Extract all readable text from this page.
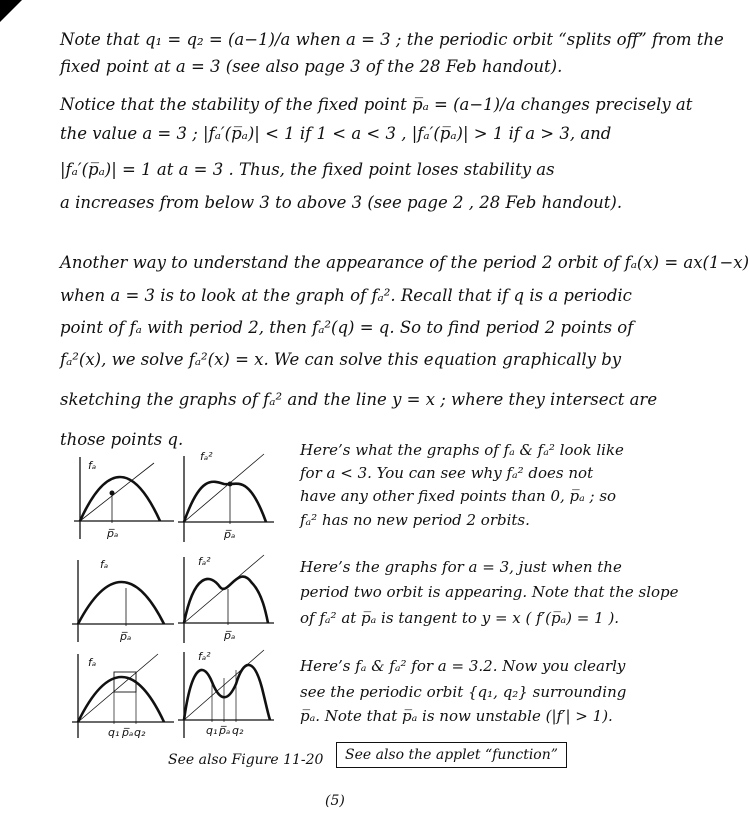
Note that q₁ = q₂ = (a−1)/a when a = 3 ; the periodic orbit “splits off” from the
fixed point at a = 3 (see also page 3 of the 28 Feb handout).
Notice that the stability of the fixed point p̅ₐ = (a−1)/a changes precisely at
the value a = 3 ; |fₐ′(p̅ₐ)| < 1 if 1 < a < 3 , |fₐ′(p̅ₐ)| > 1 if a > 3, and
|fₐ′(p̅ₐ)| = 1 at a = 3 . Thus, the fixed point loses stability as
a increases from below 3 to above 3 (see page 2 , 28 Feb handout).
Another way to understand the appearance of the period 2 orbit of fₐ(x) = ax(1−x)
when a = 3 is to look at the graph of fₐ². Recall that if q is a periodic
point of fₐ with period 2, then fₐ²(q) = q. So to find period 2 points of
fₐ²(x), we solve fₐ²(x) = x. We can solve this equation graphically by
sketching the graphs of fₐ² and the line y = x ; where they intersect are
those points q.
Here’s what the graphs of fₐ & fₐ² look like
for a < 3. You can see why fₐ² does not
have any other fixed points than 0, p̅ₐ ; so
fₐ² has no new period 2 orbits.
Here’s the graphs for a = 3, just when the
period two orbit is appearing. Note that the slope
of fₐ² at p̅ₐ is tangent to y = x ( f′(p̅ₐ) = 1 ).
Here’s fₐ & fₐ² for a = 3.2. Now you clearly
see the periodic orbit {q₁, q₂} surrounding
p̅ₐ. Note that p̅ₐ is now unstable (|f′| > 1).
fₐ
p̅ₐ
fₐ²
p̅ₐ
fₐ
p̅ₐ
fₐ²
p̅ₐ
fₐ
q₁ p̅ₐ q₂
fₐ²
q₁ p̅ₐ q₂
See also Figure 11-20	See also the applet “function”
(5)
